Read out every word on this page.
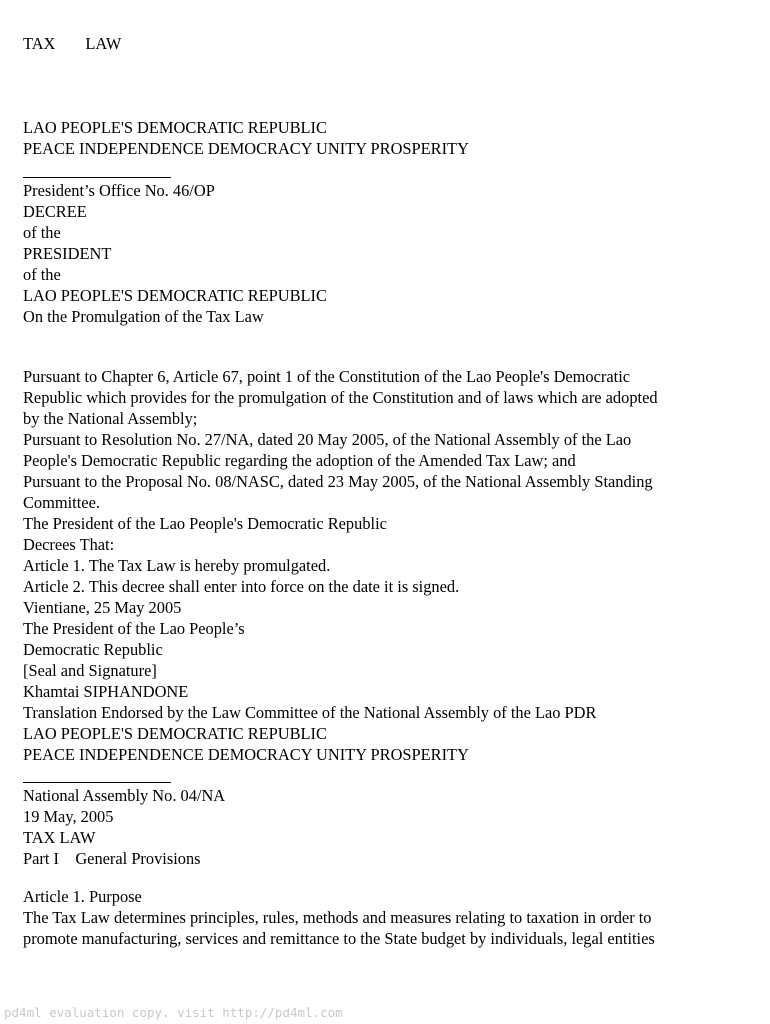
TAX LAW
LAO PEOPLE'S DEMOCRATIC REPUBLIC
PEACE INDEPENDENCE DEMOCRACY UNITY PROSPERITY
President’s Office No. 46/OP
DECREE
of the
PRESIDENT
of the
LAO PEOPLE'S DEMOCRATIC REPUBLIC
On the Promulgation of the Tax Law
Pursuant to Chapter 6, Article 67, point 1 of the Constitution of the Lao People's Democratic
Republic which provides for the promulgation of the Constitution and of laws which are adopted
by the National Assembly;
Pursuant to Resolution No. 27/NA, dated 20 May 2005, of the National Assembly of the Lao
People's Democratic Republic regarding the adoption of the Amended Tax Law; and
Pursuant to the Proposal No. 08/NASC, dated 23 May 2005, of the National Assembly Standing
Committee.
The President of the Lao People's Democratic Republic
Decrees That:
Article 1. The Tax Law is hereby promulgated.
Article 2. This decree shall enter into force on the date it is signed.
Vientiane, 25 May 2005
The President of the Lao People’s
Democratic Republic
[Seal and Signature]
Khamtai SIPHANDONE
Translation Endorsed by the Law Committee of the National Assembly of the Lao PDR
LAO PEOPLE'S DEMOCRATIC REPUBLIC
PEACE INDEPENDENCE DEMOCRACY UNITY PROSPERITY
National Assembly No. 04/NA
19 May, 2005
TAX LAW
Part I    General Provisions
Article 1. Purpose
The Tax Law determines principles, rules, methods and measures relating to taxation in order to
promote manufacturing, services and remittance to the State budget by individuals, legal entities
pd4ml evaluation copy. visit http://pd4ml.com
